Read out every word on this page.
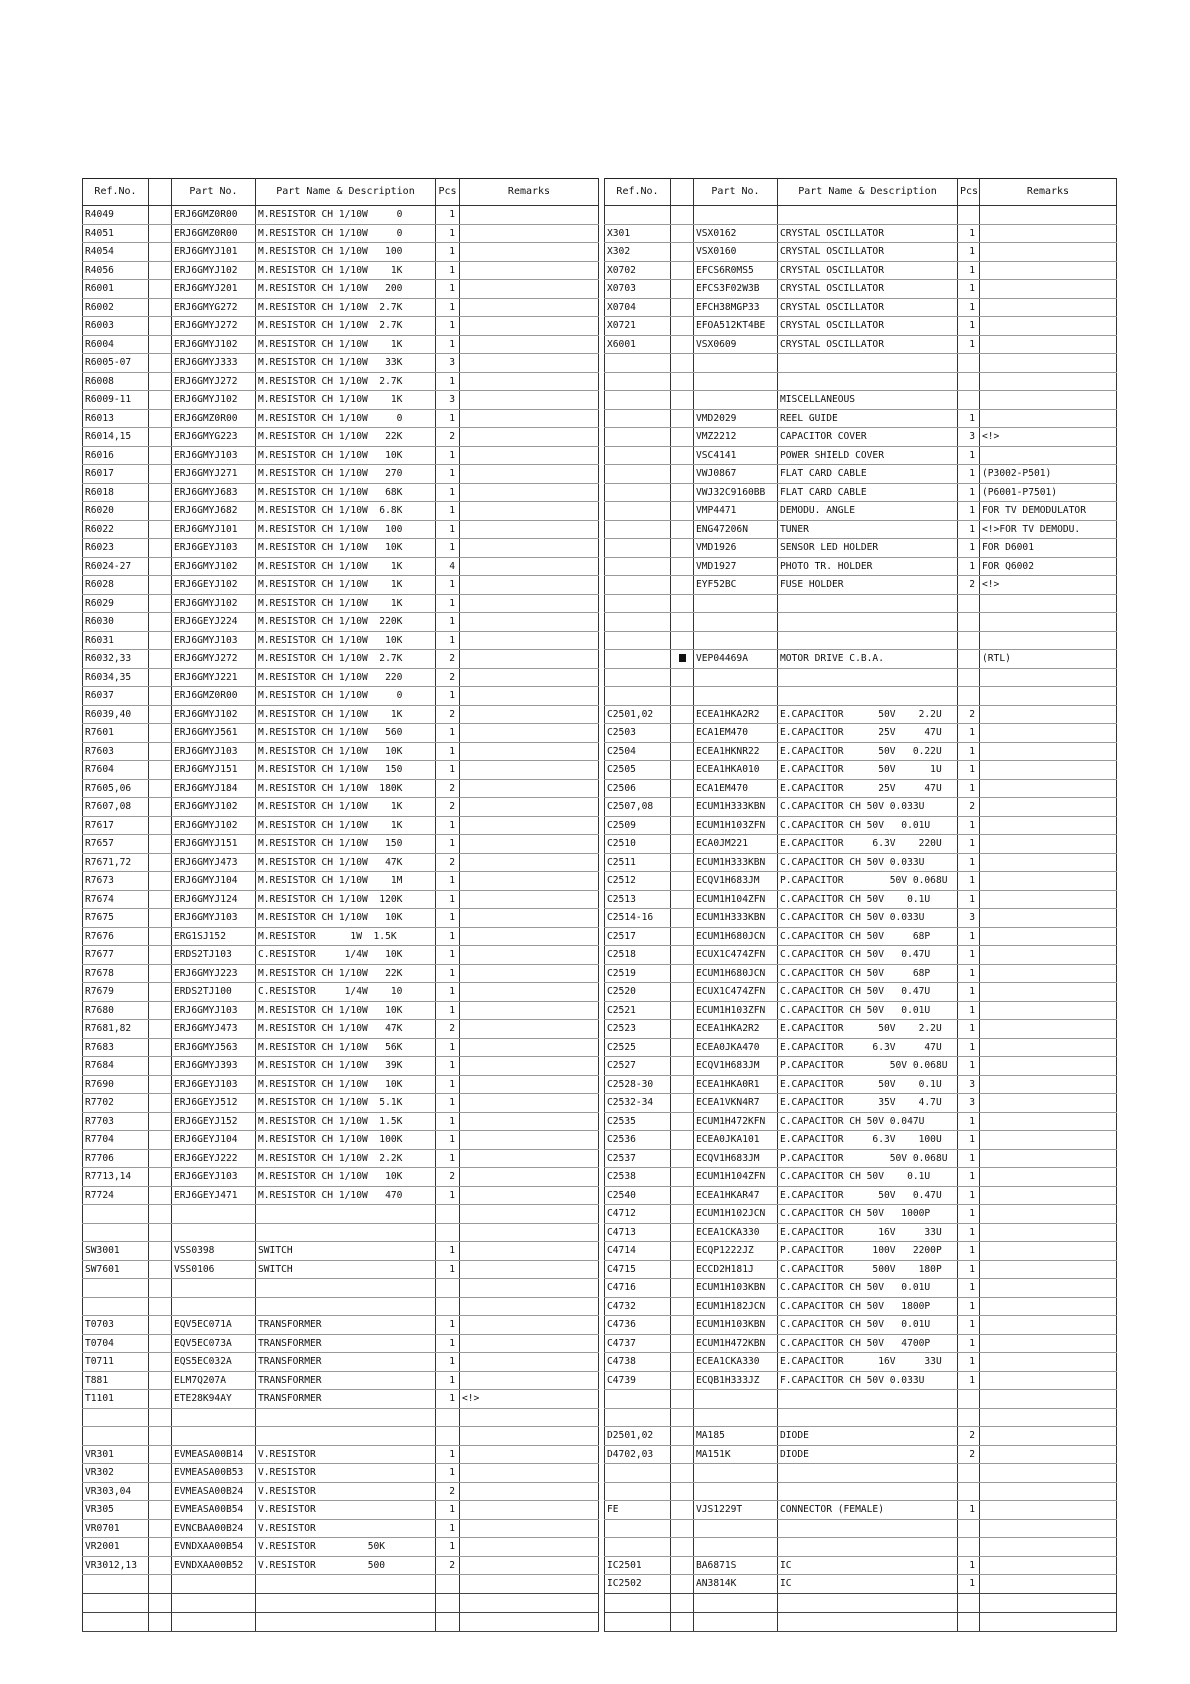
Ref.No.		Part No.	Part Name & Description	Pcs	Remarks
R4049		ERJ6GMZ0R00	M.RESISTOR CH 1/10W     0	1	
R4051		ERJ6GMZ0R00	M.RESISTOR CH 1/10W     0	1	
R4054		ERJ6GMYJ101	M.RESISTOR CH 1/10W   100	1	
R4056		ERJ6GMYJ102	M.RESISTOR CH 1/10W    1K	1	
R6001		ERJ6GMYJ201	M.RESISTOR CH 1/10W   200	1	
R6002		ERJ6GMYG272	M.RESISTOR CH 1/10W  2.7K	1	
R6003		ERJ6GMYJ272	M.RESISTOR CH 1/10W  2.7K	1	
R6004		ERJ6GMYJ102	M.RESISTOR CH 1/10W    1K	1	
R6005-07		ERJ6GMYJ333	M.RESISTOR CH 1/10W   33K	3	
R6008		ERJ6GMYJ272	M.RESISTOR CH 1/10W  2.7K	1	
R6009-11		ERJ6GMYJ102	M.RESISTOR CH 1/10W    1K	3	
R6013		ERJ6GMZ0R00	M.RESISTOR CH 1/10W     0	1	
R6014,15		ERJ6GMYG223	M.RESISTOR CH 1/10W   22K	2	
R6016		ERJ6GMYJ103	M.RESISTOR CH 1/10W   10K	1	
R6017		ERJ6GMYJ271	M.RESISTOR CH 1/10W   270	1	
R6018		ERJ6GMYJ683	M.RESISTOR CH 1/10W   68K	1	
R6020		ERJ6GMYJ682	M.RESISTOR CH 1/10W  6.8K	1	
R6022		ERJ6GMYJ101	M.RESISTOR CH 1/10W   100	1	
R6023		ERJ6GEYJ103	M.RESISTOR CH 1/10W   10K	1	
R6024-27		ERJ6GMYJ102	M.RESISTOR CH 1/10W    1K	4	
R6028		ERJ6GEYJ102	M.RESISTOR CH 1/10W    1K	1	
R6029		ERJ6GMYJ102	M.RESISTOR CH 1/10W    1K	1	
R6030		ERJ6GEYJ224	M.RESISTOR CH 1/10W  220K	1	
R6031		ERJ6GMYJ103	M.RESISTOR CH 1/10W   10K	1	
R6032,33		ERJ6GMYJ272	M.RESISTOR CH 1/10W  2.7K	2	
R6034,35		ERJ6GMYJ221	M.RESISTOR CH 1/10W   220	2	
R6037		ERJ6GMZ0R00	M.RESISTOR CH 1/10W     0	1	
R6039,40		ERJ6GMYJ102	M.RESISTOR CH 1/10W    1K	2	
R7601		ERJ6GMYJ561	M.RESISTOR CH 1/10W   560	1	
R7603		ERJ6GMYJ103	M.RESISTOR CH 1/10W   10K	1	
R7604		ERJ6GMYJ151	M.RESISTOR CH 1/10W   150	1	
R7605,06		ERJ6GMYJ184	M.RESISTOR CH 1/10W  180K	2	
R7607,08		ERJ6GMYJ102	M.RESISTOR CH 1/10W    1K	2	
R7617		ERJ6GMYJ102	M.RESISTOR CH 1/10W    1K	1	
R7657		ERJ6GMYJ151	M.RESISTOR CH 1/10W   150	1	
R7671,72		ERJ6GMYJ473	M.RESISTOR CH 1/10W   47K	2	
R7673		ERJ6GMYJ104	M.RESISTOR CH 1/10W    1M	1	
R7674		ERJ6GMYJ124	M.RESISTOR CH 1/10W  120K	1	
R7675		ERJ6GMYJ103	M.RESISTOR CH 1/10W   10K	1	
R7676		ERG1SJ152	M.RESISTOR      1W  1.5K	1	
R7677		ERDS2TJ103	C.RESISTOR     1/4W   10K	1	
R7678		ERJ6GMYJ223	M.RESISTOR CH 1/10W   22K	1	
R7679		ERDS2TJ100	C.RESISTOR     1/4W    10	1	
R7680		ERJ6GMYJ103	M.RESISTOR CH 1/10W   10K	1	
R7681,82		ERJ6GMYJ473	M.RESISTOR CH 1/10W   47K	2	
R7683		ERJ6GMYJ563	M.RESISTOR CH 1/10W   56K	1	
R7684		ERJ6GMYJ393	M.RESISTOR CH 1/10W   39K	1	
R7690		ERJ6GEYJ103	M.RESISTOR CH 1/10W   10K	1	
R7702		ERJ6GEYJ512	M.RESISTOR CH 1/10W  5.1K	1	
R7703		ERJ6GEYJ152	M.RESISTOR CH 1/10W  1.5K	1	
R7704		ERJ6GEYJ104	M.RESISTOR CH 1/10W  100K	1	
R7706		ERJ6GEYJ222	M.RESISTOR CH 1/10W  2.2K	1	
R7713,14		ERJ6GEYJ103	M.RESISTOR CH 1/10W   10K	2	
R7724		ERJ6GEYJ471	M.RESISTOR CH 1/10W   470	1	

SW3001		VSS0398	SWITCH	1	
SW7601		VSS0106	SWITCH	1	

T0703		EQV5EC071A	TRANSFORMER	1	
T0704		EQV5EC073A	TRANSFORMER	1	
T0711		EQS5EC032A	TRANSFORMER	1	
T881		ELM7Q207A	TRANSFORMER	1	
T1101		ETE28K94AY	TRANSFORMER	1	<!>

VR301		EVMEASA00B14	V.RESISTOR	1	
VR302		EVMEASA00B53	V.RESISTOR	1	
VR303,04		EVMEASA00B24	V.RESISTOR	2	
VR305		EVMEASA00B54	V.RESISTOR	1	
VR0701		EVNCBAA00B24	V.RESISTOR	1	
VR2001		EVNDXAA00B54	V.RESISTOR         50K	1	
VR3012,13		EVNDXAA00B52	V.RESISTOR         500	2	

Ref.No.		Part No.	Part Name & Description	Pcs	Remarks

X301		VSX0162	CRYSTAL OSCILLATOR	1	
X302		VSX0160	CRYSTAL OSCILLATOR	1	
X0702		EFCS6R0MS5	CRYSTAL OSCILLATOR	1	
X0703		EFCS3F02W3B	CRYSTAL OSCILLATOR	1	
X0704		EFCH38MGP33	CRYSTAL OSCILLATOR	1	
X0721		EFOA512KT4BE	CRYSTAL OSCILLATOR	1	
X6001		VSX0609	CRYSTAL OSCILLATOR	1	

			MISCELLANEOUS		
		VMD2029	REEL GUIDE	1	
		VMZ2212	CAPACITOR COVER	3	<!>
		VSC4141	POWER SHIELD COVER	1	
		VWJ0867	FLAT CARD CABLE	1	(P3002-P501)
		VWJ32C9160BB	FLAT CARD CABLE	1	(P6001-P7501)
		VMP4471	DEMODU. ANGLE	1	FOR TV DEMODULATOR
		ENG47206N	TUNER	1	<!>FOR TV DEMODU.
		VMD1926	SENSOR LED HOLDER	1	FOR D6001
		VMD1927	PHOTO TR. HOLDER	1	FOR Q6002
		EYF52BC	FUSE HOLDER	2	<!>

		VEP04469A	MOTOR DRIVE C.B.A.		(RTL)

C2501,02		ECEA1HKA2R2	E.CAPACITOR      50V    2.2U	2	
C2503		ECA1EM470	E.CAPACITOR      25V     47U	1	
C2504		ECEA1HKNR22	E.CAPACITOR      50V   0.22U	1	
C2505		ECEA1HKA010	E.CAPACITOR      50V      1U	1	
C2506		ECA1EM470	E.CAPACITOR      25V     47U	1	
C2507,08		ECUM1H333KBN	C.CAPACITOR CH 50V 0.033U	2	
C2509		ECUM1H103ZFN	C.CAPACITOR CH 50V   0.01U	1	
C2510		ECA0JM221	E.CAPACITOR     6.3V    220U	1	
C2511		ECUM1H333KBN	C.CAPACITOR CH 50V 0.033U	1	
C2512		ECQV1H683JM	P.CAPACITOR        50V 0.068U	1	
C2513		ECUM1H104ZFN	C.CAPACITOR CH 50V    0.1U	1	
C2514-16		ECUM1H333KBN	C.CAPACITOR CH 50V 0.033U	3	
C2517		ECUM1H680JCN	C.CAPACITOR CH 50V     68P	1	
C2518		ECUX1C474ZFN	C.CAPACITOR CH 50V   0.47U	1	
C2519		ECUM1H680JCN	C.CAPACITOR CH 50V     68P	1	
C2520		ECUX1C474ZFN	C.CAPACITOR CH 50V   0.47U	1	
C2521		ECUM1H103ZFN	C.CAPACITOR CH 50V   0.01U	1	
C2523		ECEA1HKA2R2	E.CAPACITOR      50V    2.2U	1	
C2525		ECEA0JKA470	E.CAPACITOR     6.3V     47U	1	
C2527		ECQV1H683JM	P.CAPACITOR        50V 0.068U	1	
C2528-30		ECEA1HKA0R1	E.CAPACITOR      50V    0.1U	3	
C2532-34		ECEA1VKN4R7	E.CAPACITOR      35V    4.7U	3	
C2535		ECUM1H472KFN	C.CAPACITOR CH 50V 0.047U	1	
C2536		ECEA0JKA101	E.CAPACITOR     6.3V    100U	1	
C2537		ECQV1H683JM	P.CAPACITOR        50V 0.068U	1	
C2538		ECUM1H104ZFN	C.CAPACITOR CH 50V    0.1U	1	
C2540		ECEA1HKAR47	E.CAPACITOR      50V   0.47U	1	
C4712		ECUM1H102JCN	C.CAPACITOR CH 50V   1000P	1	
C4713		ECEA1CKA330	E.CAPACITOR      16V     33U	1	
C4714		ECQP1222JZ	P.CAPACITOR     100V   2200P	1	
C4715		ECCD2H181J	C.CAPACITOR     500V    180P	1	
C4716		ECUM1H103KBN	C.CAPACITOR CH 50V   0.01U	1	
C4732		ECUM1H182JCN	C.CAPACITOR CH 50V   1800P	1	
C4736		ECUM1H103KBN	C.CAPACITOR CH 50V   0.01U	1	
C4737		ECUM1H472KBN	C.CAPACITOR CH 50V   4700P	1	
C4738		ECEA1CKA330	E.CAPACITOR      16V     33U	1	
C4739		ECQB1H333JZ	F.CAPACITOR CH 50V 0.033U	1	

D2501,02		MA185	DIODE	2	
D4702,03		MA151K	DIODE	2	

FE		VJS1229T	CONNECTOR (FEMALE)	1	

IC2501		BA6871S	IC	1	
IC2502		AN3814K	IC	1	
